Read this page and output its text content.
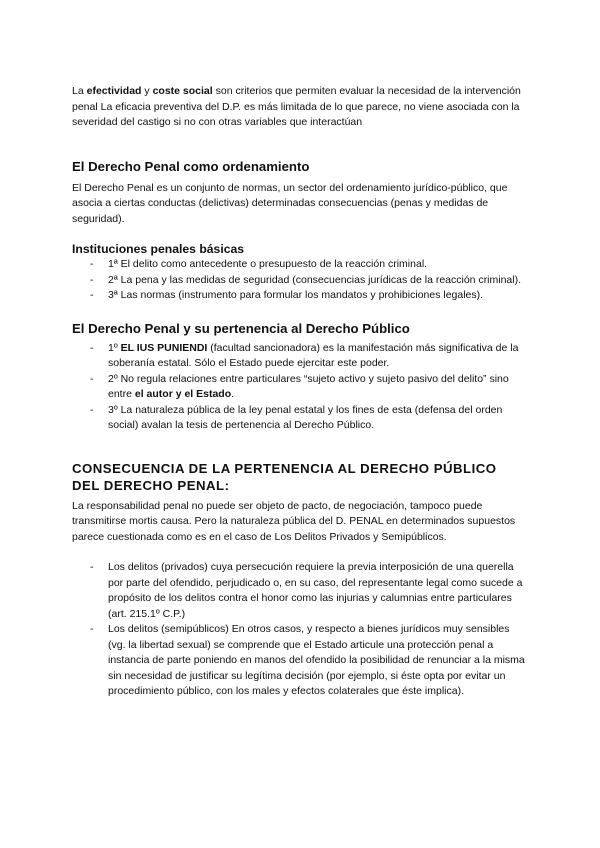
La efectividad y coste social son criterios que permiten evaluar la necesidad de la intervención penal La eficacia preventiva del D.P. es más limitada de lo que parece, no viene asociada con la severidad del castigo si no con otras variables que interactúan

El Derecho Penal como ordenamiento

El Derecho Penal es un conjunto de normas, un sector del ordenamiento jurídico-público, que asocia a ciertas conductas (delictivas) determinadas consecuencias (penas y medidas de seguridad).

Instituciones penales básicas
- 1ª El delito como antecedente o presupuesto de la reacción criminal.
- 2ª La pena y las medidas de seguridad (consecuencias jurídicas de la reacción criminal).
- 3ª Las normas (instrumento para formular los mandatos y prohibiciones legales).
El Derecho Penal y su pertenencia al Derecho Público
- 1º EL IUS PUNIENDI (facultad sancionadora) es la manifestación más significativa de la soberanía estatal. Sólo el Estado puede ejercitar este poder.
- 2º No regula relaciones entre particulares “sujeto activo y sujeto pasivo del delito” sino entre el autor y el Estado.
- 3º La naturaleza pública de la ley penal estatal y los fines de esta (defensa del orden social) avalan la tesis de pertenencia al Derecho Público.
CONSECUENCIA DE LA PERTENENCIA AL DERECHO PÚBLICO DEL DERECHO PENAL:

La responsabilidad penal no puede ser objeto de pacto, de negociación, tampoco puede transmitirse mortis causa. Pero la naturaleza pública del D. PENAL en determinados supuestos parece cuestionada como es en el caso de Los Delitos Privados y Semipúblicos.

- Los delitos (privados) cuya persecución requiere la previa interposición de una querella por parte del ofendido, perjudicado o, en su caso, del representante legal como sucede a propósito de los delitos contra el honor como las injurias y calumnias entre particulares (art. 215.1º C.P.)
- Los delitos (semipúblicos) En otros casos, y respecto a bienes jurídicos muy sensibles (vg. la libertad sexual) se comprende que el Estado articule una protección penal a instancia de parte poniendo en manos del ofendido la posibilidad de renunciar a la misma sin necesidad de justificar su legítima decisión (por ejemplo, si éste opta por evitar un procedimiento público, con los males y efectos colaterales que éste implica).
